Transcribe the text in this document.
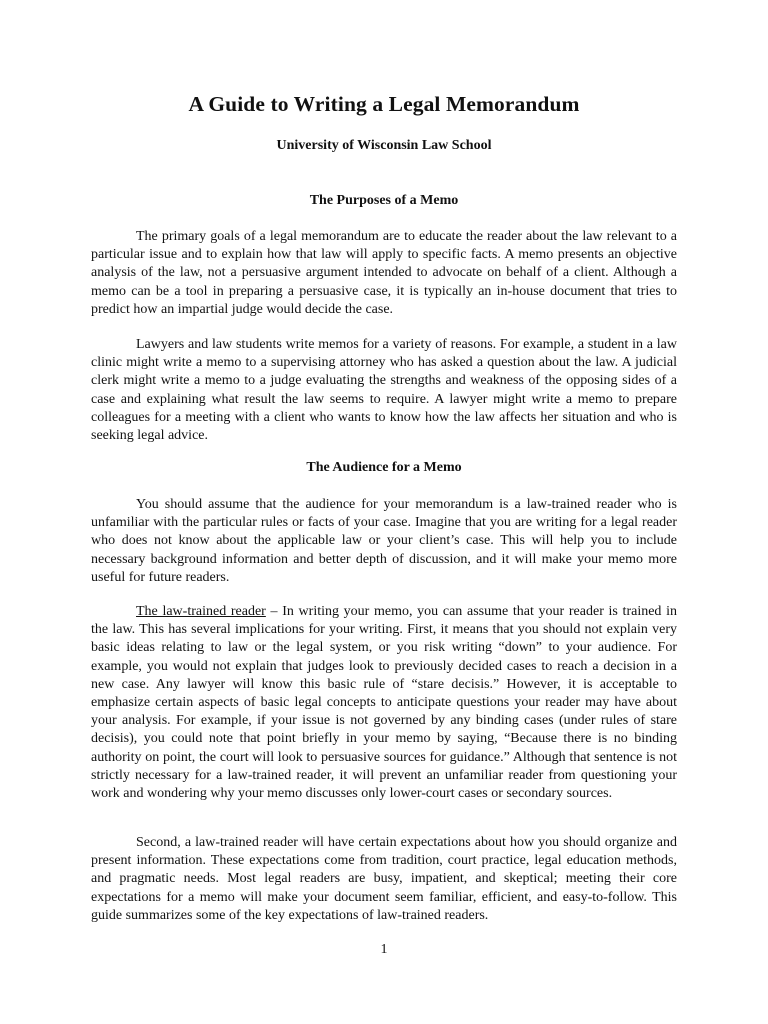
A Guide to Writing a Legal Memorandum
University of Wisconsin Law School
The Purposes of a Memo

The primary goals of a legal memorandum are to educate the reader about the law relevant to a particular issue and to explain how that law will apply to specific facts. A memo presents an objective analysis of the law, not a persuasive argument intended to advocate on behalf of a client. Although a memo can be a tool in preparing a persuasive case, it is typically an in-house document that tries to predict how an impartial judge would decide the case.

Lawyers and law students write memos for a variety of reasons. For example, a student in a law clinic might write a memo to a supervising attorney who has asked a question about the law. A judicial clerk might write a memo to a judge evaluating the strengths and weakness of the opposing sides of a case and explaining what result the law seems to require. A lawyer might write a memo to prepare colleagues for a meeting with a client who wants to know how the law affects her situation and who is seeking legal advice.

The Audience for a Memo

You should assume that the audience for your memorandum is a law-trained reader who is unfamiliar with the particular rules or facts of your case. Imagine that you are writing for a legal reader who does not know about the applicable law or your client’s case. This will help you to include necessary background information and better depth of discussion, and it will make your memo more useful for future readers.

The law-trained reader – In writing your memo, you can assume that your reader is trained in the law. This has several implications for your writing. First, it means that you should not explain very basic ideas relating to law or the legal system, or you risk writing “down” to your audience. For example, you would not explain that judges look to previously decided cases to reach a decision in a new case. Any lawyer will know this basic rule of “stare decisis.” However, it is acceptable to emphasize certain aspects of basic legal concepts to anticipate questions your reader may have about your analysis. For example, if your issue is not governed by any binding cases (under rules of stare decisis), you could note that point briefly in your memo by saying, “Because there is no binding authority on point, the court will look to persuasive sources for guidance.” Although that sentence is not strictly necessary for a law-trained reader, it will prevent an unfamiliar reader from questioning your work and wondering why your memo discusses only lower-court cases or secondary sources.

Second, a law-trained reader will have certain expectations about how you should organize and present information. These expectations come from tradition, court practice, legal education methods, and pragmatic needs. Most legal readers are busy, impatient, and skeptical; meeting their core expectations for a memo will make your document seem familiar, efficient, and easy-to-follow. This guide summarizes some of the key expectations of law-trained readers.

1
